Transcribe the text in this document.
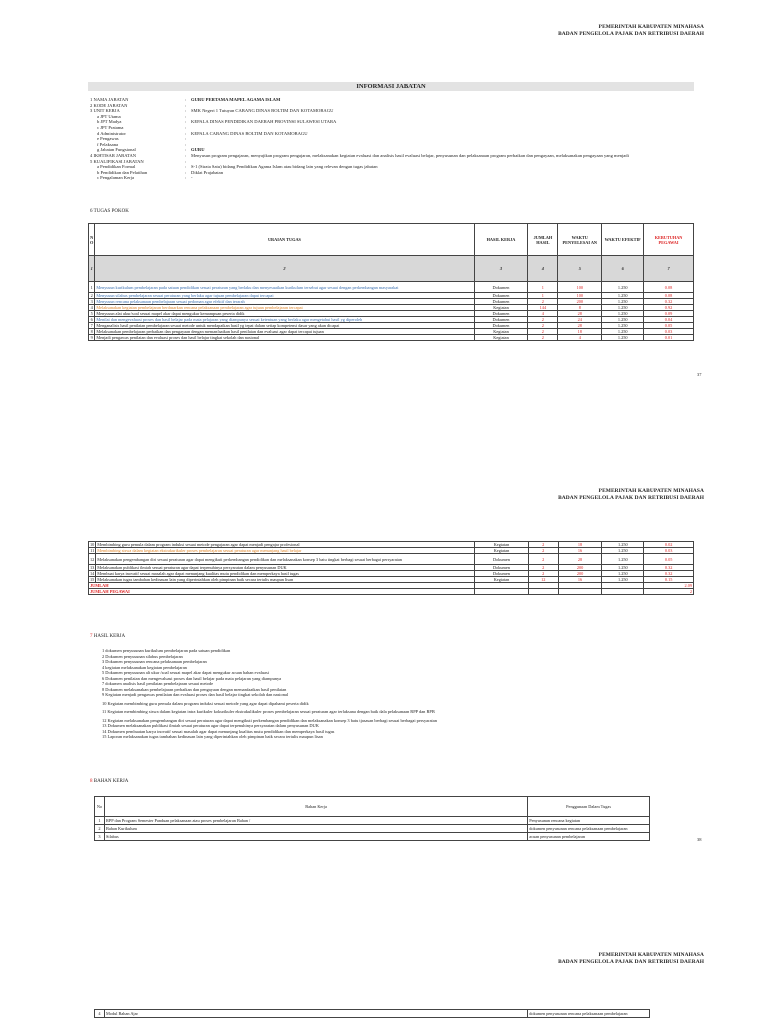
PEMERINTAH KABUPATEN MINAHASA
BADAN PENGELOLA PAJAK DAN RETRIBUSI DAERAH
INFORMASI JABATAN
1 NAMA JABATAN	:	GURU PERTAMA MAPEL AGAMA ISLAM
2 KODE JABATAN	:
3 UNIT KERJA	:	SMK Negeri 1 Tutuyan CABANG DINAS BOLTIM DAN KOTAMOBAGU
a JPT Utama	:
b JPT Madya	:	KEPALA DINAS PENDIDIKAN DAERAH PROVINSI SULAWESI UTARA
c JPT Pratama	:
d Administrator	:	KEPALA CABANG DINAS BOLTIM DAN KOTAMOBAGU
e Pengawas	:
f Pelaksana	:
g Jabatan Fungsional	:	GURU
4 IKHTISAR JABATAN	:	Menyusun program pengajaran, menyajikan program pengajaran, melaksanakan kegiatan evaluasi dan analisis hasil evaluasi belajar, penyusunan dan pelaksanaan program perbaikan dan pengayaan, melaksanakan pengayaan yang menjadi
5 KUALIFIKASI JABATAN	:
a Pendidikan Formal	:	S-1 (Strata Satu) bidang Pendidikan Agama Islam atau bidang lain yang relevan dengan tugas jabatan
b Pendidikan dan Pelatihan	:	Diklat Prajabatan
c Pengalaman Kerja	:	-
6 TUGAS POKOK
N O	URAIAN TUGAS	HASIL KERJA	JUMLAH HASIL	WAKTU PENYELESAI AN	WAKTU EFEKTIF	KEBUTUHAN PEGAWAI
1	2	3	4	5	6	7
1	Menyusun kurikulum pembelajaran pada satuan pendidikan sesuai peraturan yang berlaku dan menyesuaikan kurikulum tersebut agar sesuai dengan perkembangan masyarakat	Dokumen	1	100	1.250	0.08
2	Menyusun silabus pembelajaran sesuai peraturan yang berlaku agar tujuan pembelajaran dapat tercapai	Dokumen	1	100	1.250	0.08
3	Menyusun rencana pelaksanaan pembelajaran sesuai pedoman agar efektif dan terarah	Dokumen	2	200	1.250	0.32
4	Melaksanakan kegiatan pembelajaran berdasarkan rencana pelaksanaan pembelajaran agar tujuan pembelajaran tercapai	Kegiatan	144	8	1.250	0.92
5	Menyusun alat ukur/soal sesuai mapel akar dapat mengukur kemampuan peserta didik	Dokumen	4	28	1.250	0.09
6	Menilai dan mengevaluasi proses dan hasil belajar pada mata pelajaran yang diampunya sesuai ketentuan yang berlaku agar mengetahui hasil yg diperoleh	Dokumen	2	24	1.250	0.04
7	Menganalisis hasil penilaian pembelajaran sesuai metode untuk mendapatkan hasil yg tepat dalam setiap kompetensi dasar yang akan dicapai	Dokumen	2	28	1.250	0.05
8	Melaksanakan pembelajaran perbaikan dan pengayaan dengan memanfaatkan hasil penilaian dan evaluasi agar dapat tercapai tujuan	Kegiatan	2	18	1.250	0.03
9	Menjadi pengawas penilaian dan evaluasi proses dan hasil belajar tingkat sekolah dan nasional	Kegiatan	2	4	1.250	0.01
37
PEMERINTAH KABUPATEN MINAHASA
BADAN PENGELOLA PAJAK DAN RETRIBUSI DAERAH
10	Membimbing guru pemula dalam program induksi sesuai metode pengajaran agar dapat menjadi pengajar profesional	Kegiatan	2	18	1.250	0.02
11	Membimbing siswa dalam kegiatan ekstrakurikuler proses pembelajaran sesuai peraturan agar menunjang hasil belajar	Kegiatan	2	16	1.250	0.03
12	Melaksanakan pengembangan diri sesuai peraturan agar dapat mengikuti perkembangan pendidikan dan melaksanakan konsep 3 batu tingkat berbagi sesuai berbagai persyaratan	Dokumen	2	28	1.250	0.05
13	Melaksanakan publikasi ilmiah sesuai peraturan agar dapat terpenuhinya persyaratan dalam penyusunan DUK	Dokumen	2	200	1.250	0.32
14	Membuat karya inovatif sesuai masalah agar dapat menunjang kualitas mutu pendidikan dan memperkaya hasil tugas	Dokumen	2	200	1.250	0.32
15	Melaksanakan tugas tambahan kedinasan lain yang diperintahkan oleh pimpinan baik secara tertulis maupun lisan	Kegiatan	12	16	1.250	0.15
JUMLAH						2.09
JUMLAH PEGAWAI						2
7 HASIL KERJA
1 dokumen penyusunan kurikulum pembelajaran pada satuan pendidikan
2 Dokumen penyusunan silabus pembelajaran
3 Dokumen penyusunan rencana pelaksanaan pembelajaran
4 kegiatan melaksanakan kegiatan pembelajaran
5 Dokumen penyusunan alt ukur /soal sesuai mapel akar dapat mengukur acuan bahan evaluasi
6 Dokumen penilaian dan mengevaluasi proses dan hasil belajar pada mata pelajaran yang diampunya
7 dokumen analisis hasil penilaian pembelajaran sesuai metode
8 Dokumen melaksanakan pembelajaran perbaikan dan pengayaan dengan memanfaatkan hasil penilaian
9 Kegiatan menjadi pengawas penilaian dan evaluasi proses dan hasil belajar tingkat sekolah dan nasional
10 Kegiatan membimbing guru pemula dalam program induksi sesuai metode yang agar dapat dipahami peserta didik
11 Kegiatan membimbing siswa dalam kegiatan ‌intra kurikuler kokurikuler ekstrakulikuler proses pembelajaran sesuai peraturan agar terlaksana dengan baik dala pelaksanaan RPP dan RPB
12 Kegiatan melaksanakan pengembangan diri sesuai peraturan agar dapat mengikuti perkembangan pendidikan dan melaksanakan konsep 3 batu tjasasan berbagi sesuai berbagai persyaratan
13 Dokumen melaksanakan publikasi ilmiah sesuai peraturan agar dapat terpenuhinya persyaratan dalam penyusunan DUK
14 Dokumen pembuatan karya inovatif sesuai masalah agar dapat menunjang kualitas mutu pendidikan dan memperkaya hasil tugas
15 Laporan melaksanakan tugas tambahan kedinasan lain yang diperintahkan oleh pimpinan baik secara tertulis maupun lisan
8 BAHAN KERJA
No	Bahan Kerja	Penggunaan Dalam Tugas
1	RPP dan Program Semester Panduan pelaksanaan atau proses pembelajaran Bahan /	Penyusunan rencana kegiatan
2	Bahan Kurikulum	dokumen penyusunan rencana pelaksanaan pembelajaran
3	Silabus	acuan penyusunan pembelajaran
38
PEMERINTAH KABUPATEN MINAHASA
BADAN PENGELOLA PAJAK DAN RETRIBUSI DAERAH
4	Modul Bahan Ajar	dokumen penyusunan rencana pelaksanaan pembelajaran
